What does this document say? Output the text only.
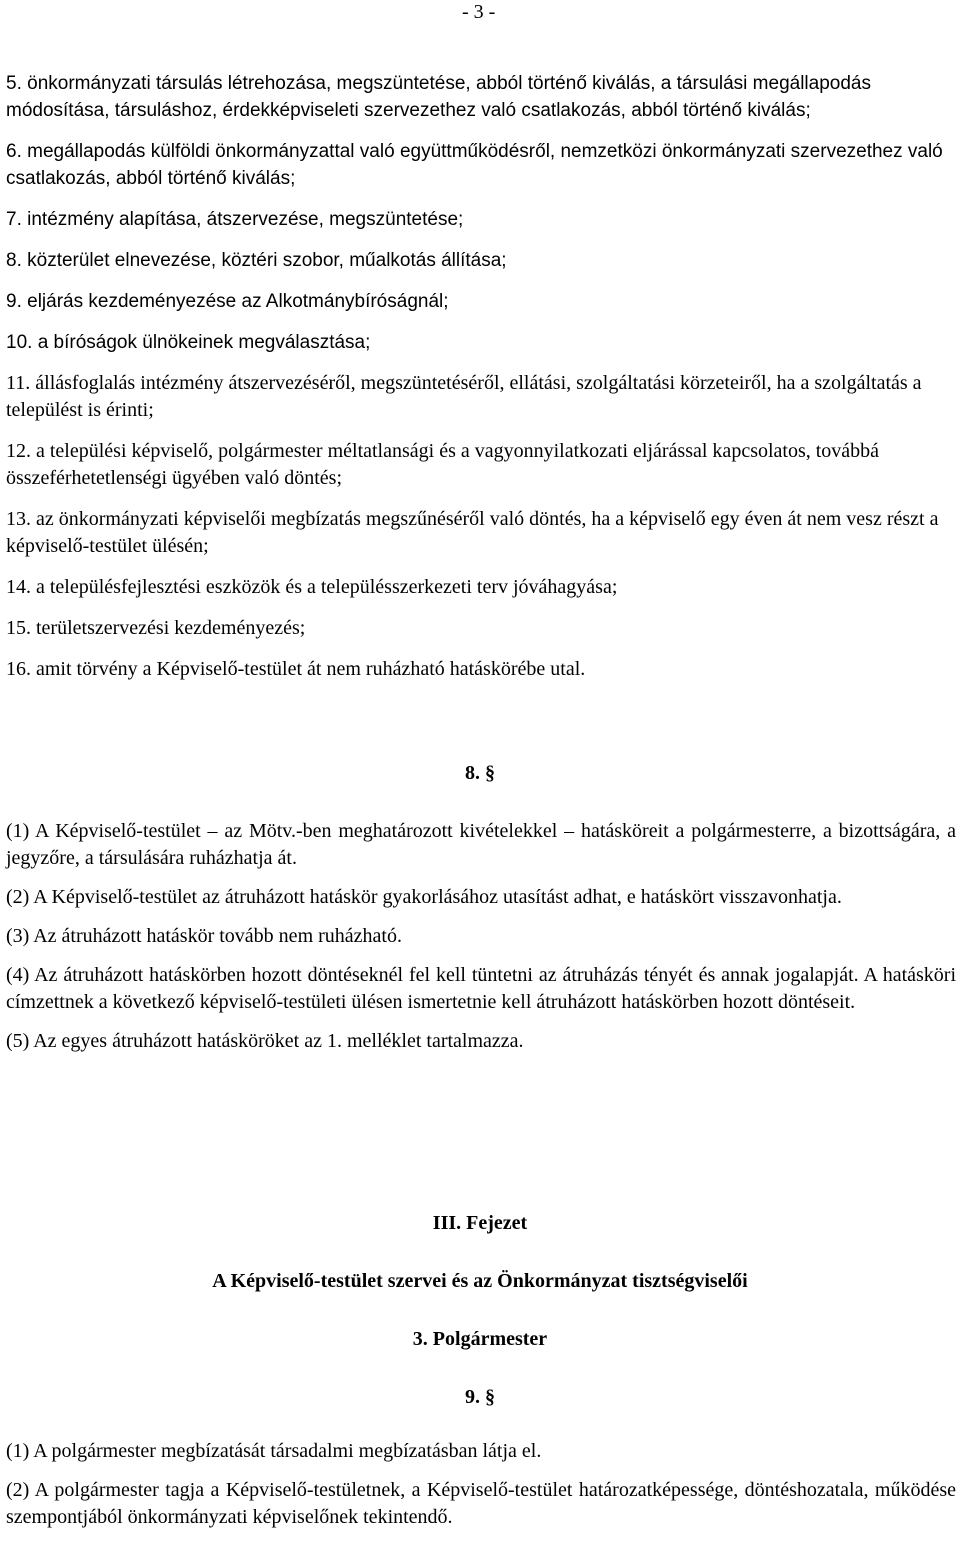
- 3 -
5. önkormányzati társulás létrehozása, megszüntetése, abból történő kiválás, a társulási megállapodás módosítása, társuláshoz, érdekképviseleti szervezethez való csatlakozás, abból történő kiválás;
6. megállapodás külföldi önkormányzattal való együttműködésről, nemzetközi önkormányzati szervezethez való csatlakozás, abból történő kiválás;
7. intézmény alapítása, átszervezése, megszüntetése;
8. közterület elnevezése, köztéri szobor, műalkotás állítása;
9. eljárás kezdeményezése az Alkotmánybíróságnál;
10. a bíróságok ülnökeinek megválasztása;
11. állásfoglalás intézmény átszervezéséről, megszüntetéséről, ellátási, szolgáltatási körzeteiről, ha a szolgáltatás a települést is érinti;
12. a települési képviselő, polgármester méltatlansági és a vagyonnyilatkozati eljárással kapcsolatos, továbbá összeférhetetlenségi ügyében való döntés;
13. az önkormányzati képviselői megbízatás megszűnéséről való döntés, ha a képviselő egy éven át nem vesz részt a képviselő-testület ülésén;
14. a településfejlesztési eszközök és a településszerkezeti terv jóváhagyása;
15. területszervezési kezdeményezés;
16. amit törvény a Képviselő-testület át nem ruházható hatáskörébe utal.
8. §
(1) A Képviselő-testület – az Mötv.-ben meghatározott kivételekkel – hatásköreit a polgármesterre, a bizottságára, a jegyzőre, a társulására ruházhatja át.
(2) A Képviselő-testület az átruházott hatáskör gyakorlásához utasítást adhat, e hatáskört visszavonhatja.
(3) Az átruházott hatáskör tovább nem ruházható.
(4) Az átruházott hatáskörben hozott döntéseknél fel kell tüntetni az átruházás tényét és annak jogalapját. A hatásköri címzettnek a következő képviselő-testületi ülésen ismertetnie kell átruházott hatáskörben hozott döntéseit.
(5) Az egyes átruházott hatásköröket az 1. melléklet tartalmazza.
III. Fejezet
A Képviselő-testület szervei és az Önkormányzat tisztségviselői
3. Polgármester
9. §
(1) A polgármester megbízatását társadalmi megbízatásban látja el.
(2) A polgármester tagja a Képviselő-testületnek, a Képviselő-testület határozatképessége, döntéshozatala, működése szempontjából önkormányzati képviselőnek tekintendő.
